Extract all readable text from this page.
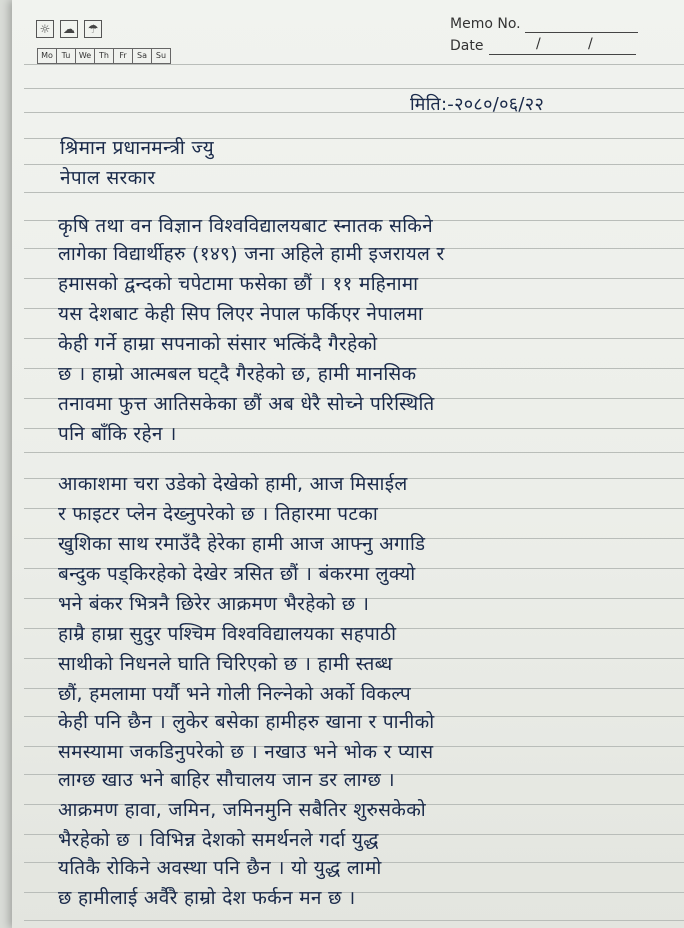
☼	☁	☂
Mo	Tu	We Th	Fr	Sa	Su
Memo No.
Date	/	/
मिति:-२०८०/०६/२२
श्रिमान प्रधानमन्त्री ज्यु
नेपाल सरकार
कृषि तथा वन विज्ञान विश्वविद्यालयबाट स्नातक सकिने
लागेका विद्यार्थीहरु (१४९) जना अहिले हामी इजरायल र
हमासको द्वन्दको चपेटामा फसेका छौं । ११ महिनामा
यस देशबाट केही सिप लिएर नेपाल फर्किएर नेपालमा
केही गर्ने हाम्रा सपनाको संसार भत्किंदै गैरहेको
छ । हाम्रो आत्मबल घट्दै गैरहेको छ, हामी मानसिक
तनावमा फुत्त आतिसकेका छौं अब धेरै सोच्ने परिस्थिति
पनि बाँकि रहेन ।
आकाशमा चरा उडेको देखेको हामी, आज मिसाईल
र फाइटर प्लेन देख्नुपरेको छ । तिहारमा पटका
खुशिका साथ रमाउँदै हेरेका हामी आज आफ्नु अगाडि
बन्दुक पड्किरहेको देखेर त्रसित छौं । बंकरमा लुक्यो
भने बंकर भित्रनै छिरेर आक्रमण भैरहेको छ ।
हाम्रै हाम्रा सुदुर पश्चिम विश्वविद्यालयका सहपाठी
साथीको निधनले घाति चिरिएको छ । हामी स्तब्ध
छौं, हमलामा पर्यौ भने गोली निल्नेको अर्को विकल्प
केही पनि छैन । लुकेर बसेका हामीहरु खाना र पानीको
समस्यामा जकडिनुपरेको छ । नखाउ भने भोक र प्यास
लाग्छ खाउ भने बाहिर सौचालय जान डर लाग्छ ।
आक्रमण हावा, जमिन, जमिनमुनि सबैतिर शुरुसकेको
भैरहेको छ । विभिन्न देशको समर्थनले गर्दा युद्ध
यतिकै रोकिने अवस्था पनि छैन । यो युद्ध लामो
छ हामीलाई अर्वैरै हाम्रो देश फर्कन मन छ ।
